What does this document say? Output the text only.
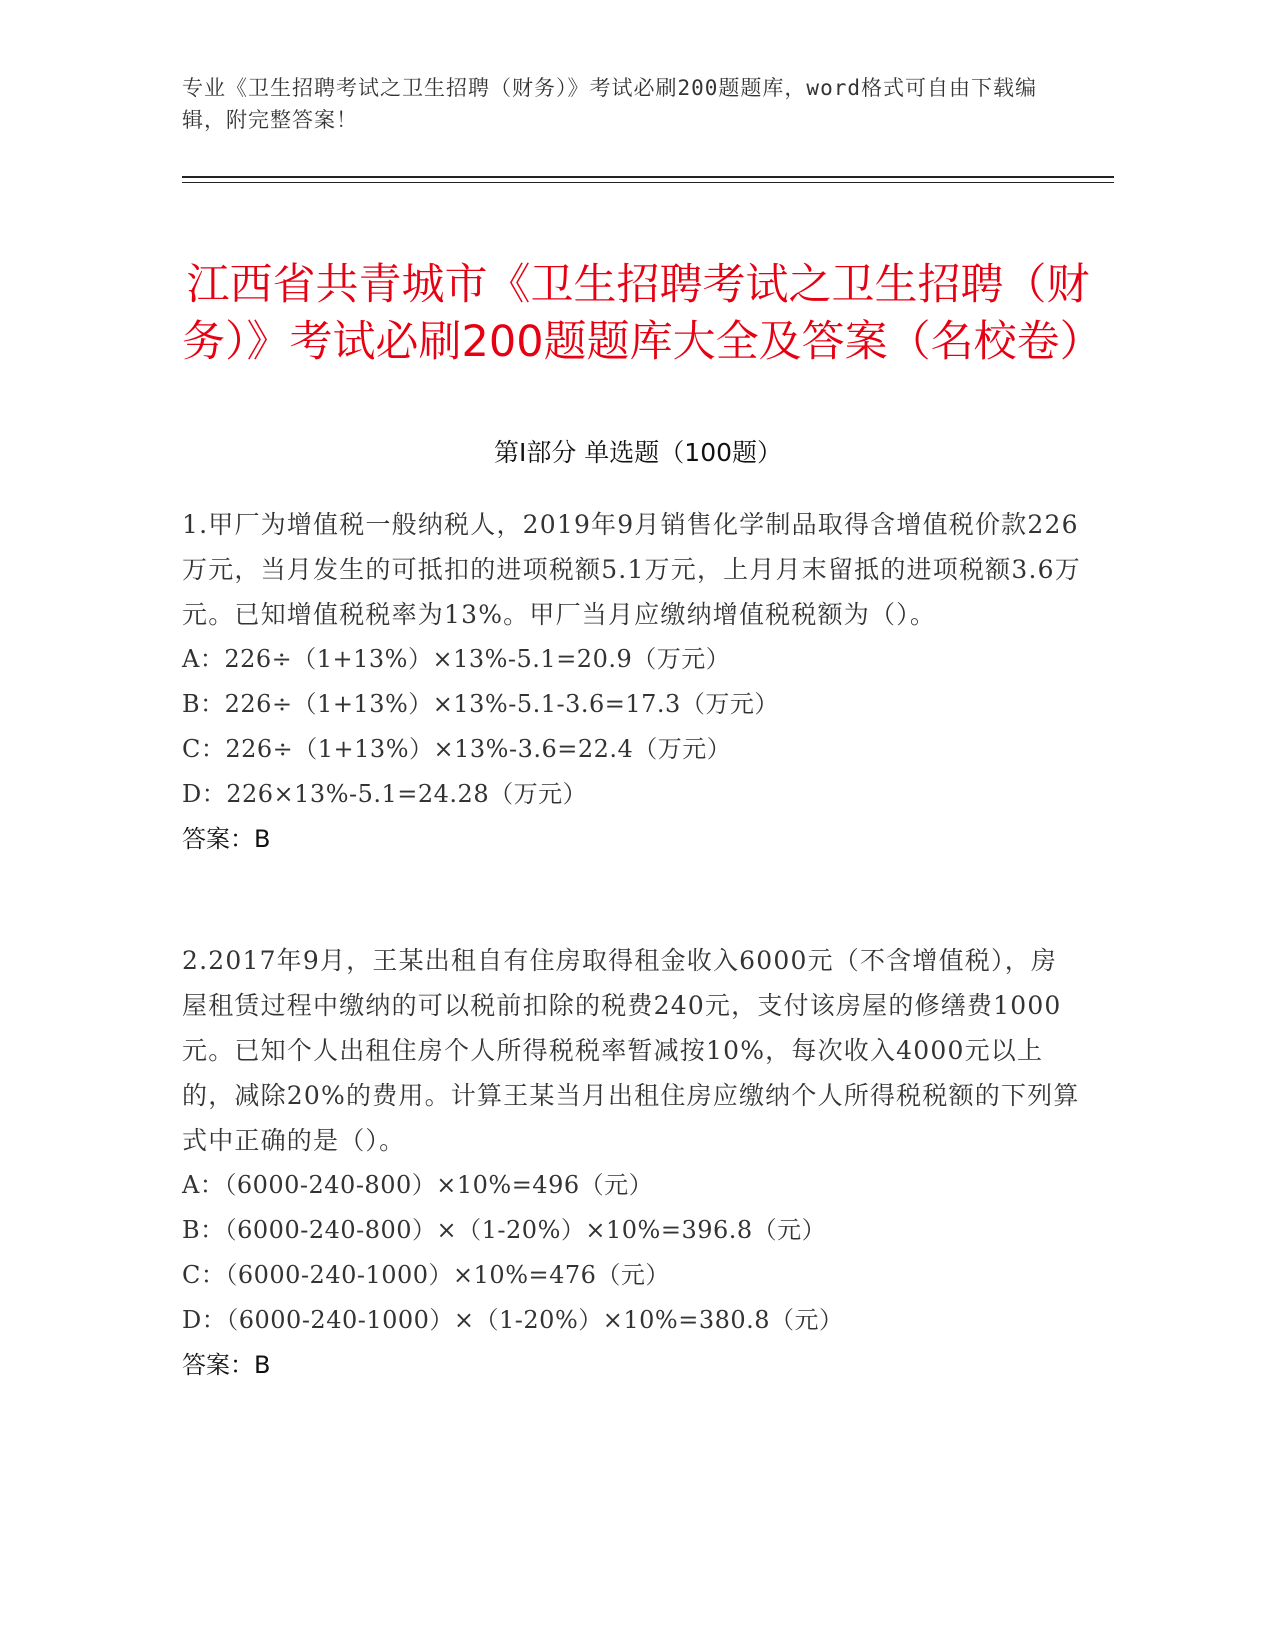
专业《卫生招聘考试之卫生招聘（财务）》考试必刷200题题库，word格式可自由下载编辑，附完整答案！
江西省共青城市《卫生招聘考试之卫生招聘（财务）》考试必刷200题题库大全及答案（名校卷）
第Ⅰ部分 单选题（100题）

1.甲厂为增值税一般纳税人，2019年9月销售化学制品取得含增值税价款226万元，当月发生的可抵扣的进项税额5.1万元，上月月末留抵的进项税额3.6万元。已知增值税税率为13%。甲厂当月应缴纳增值税税额为（）。

A：226÷（1+13%）×13%-5.1=20.9（万元）

B：226÷（1+13%）×13%-5.1-3.6=17.3（万元）

C：226÷（1+13%）×13%-3.6=22.4（万元）

D：226×13%-5.1=24.28（万元）

答案：B

2.2017年9月，王某出租自有住房取得租金收入6000元（不含增值税），房屋租赁过程中缴纳的可以税前扣除的税费240元，支付该房屋的修缮费1000元。已知个人出租住房个人所得税税率暂减按10%，每次收入4000元以上的，减除20%的费用。计算王某当月出租住房应缴纳个人所得税税额的下列算式中正确的是（）。

A：（6000-240-800）×10%=496（元）

B：（6000-240-800）×（1-20%）×10%=396.8（元）

C：（6000-240-1000）×10%=476（元）

D：（6000-240-1000）×（1-20%）×10%=380.8（元）

答案：B
